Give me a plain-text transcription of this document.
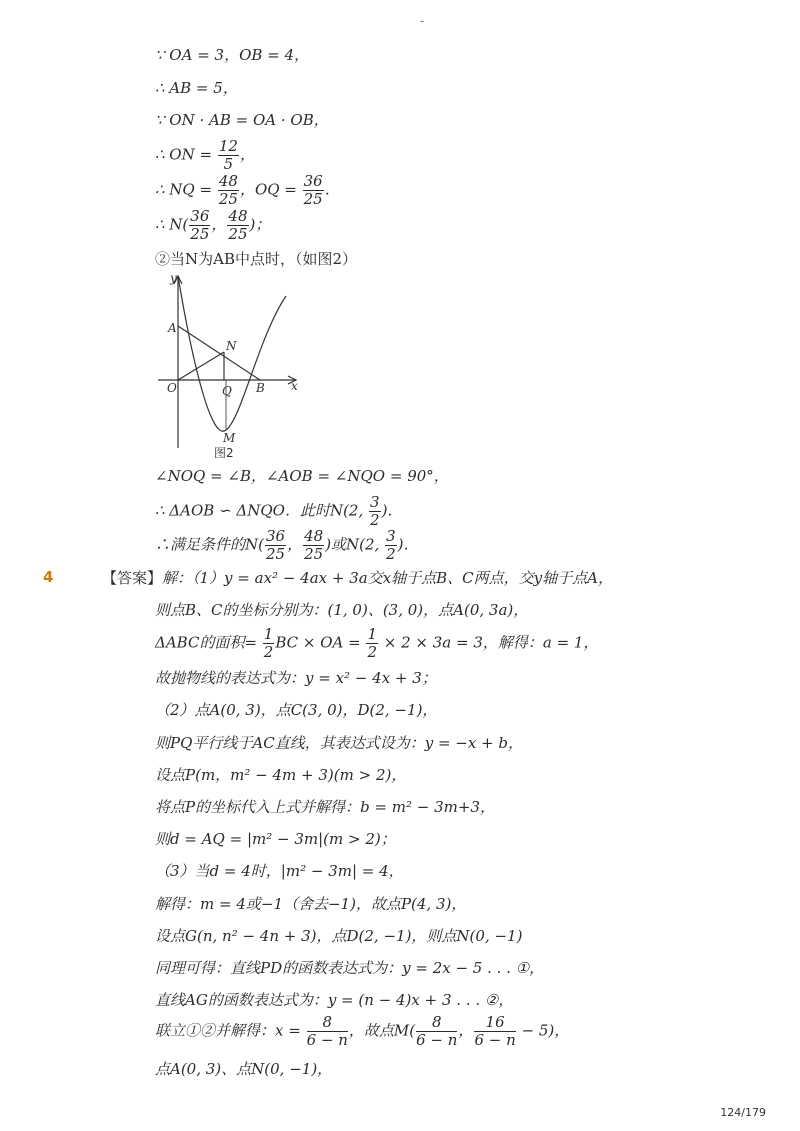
-
∵ OA = 3，OB = 4，
∴ AB = 5，
∵ ON · AB = OA · OB，
∴ ON = $\frac{12}{5}$ ，
∴ NQ = $\frac{48}{25}$ ，OQ = $\frac{36}{25}$ ．
∴ $N( \frac{36}{25}$ ， $\frac{48}{25}$ )；
②当N为AB中点时，（如图2）
y
x
A
N
O	Q B
M
图2
∠NOQ = ∠B，∠AOB = ∠NQO = 90°，
∴ ΔAOB ∽ ΔNQO．此时N(2, $\frac{3}{2}$ )．
∴满足条件的$N( \frac{36}{25}$ ， $\frac{48}{25}$ )或N(2, $\frac{3}{2}$ )．
4	【答案】解：（1）y = ax² − 4ax + 3a交x轴于点B、C两点，交y轴于点A，
则点B、C的坐标分别为：(1, 0)、(3, 0)，点A(0, 3a)，
ΔABC的面积= $\frac{1}{2}$ BC × OA = $\frac{1}{2} \times 2 \times 3a = 3$，解得：a = 1，
故抛物线的表达式为：y = x² − 4x + 3；
（2）点A(0, 3)，点C(3, 0)，D(2, −1)，
则PQ平行线于AC直线，其表达式设为：y = −x + b，
设点P(m，m² − 4m + 3)(m > 2)，
将点P的坐标代入上式并解得：b = m² − 3m+3，
则d = AQ = |m² − 3m|(m > 2)；
（3）当d = 4时，|m² − 3m| = 4，
解得：m = 4或−1（舍去−1)，故点P(4, 3)，
设点G(n, n² − 4n + 3)，点D(2, −1)，则点N(0, −1)
同理可得：直线PD的函数表达式为：y = 2x − 5 . . . ①，
直线AG的函数表达式为：y = (n − 4)x + 3 . . . ②，
联立①②并解得：$x = \frac{8}{6 - n}$ ，故点$M( \frac{8}{6 - n}$ ， $\frac{16}{6 - n} - 5$)，
点A(0, 3)、点N(0, −1)，
124/179
